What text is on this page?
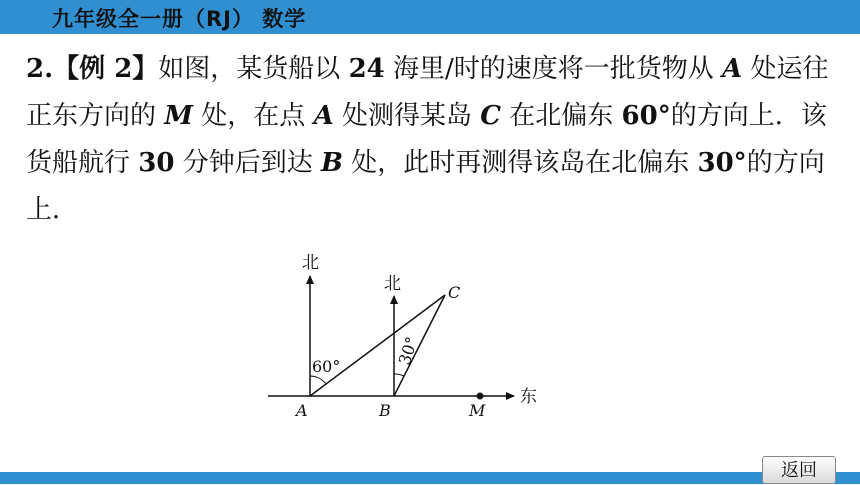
九年级全一册（RJ） 数学
2.【例 2】如图，某货船以 24 海里/时的速度将一批货物从 A 处运往正东方向的 M 处，在点 A 处测得某岛 C 在北偏东 60°的方向上．该货船航行 30 分钟后到达 B 处，此时再测得该岛在北偏东 30°的方向上．
北
北
东
A	B
C
M
60°	30°
返回
